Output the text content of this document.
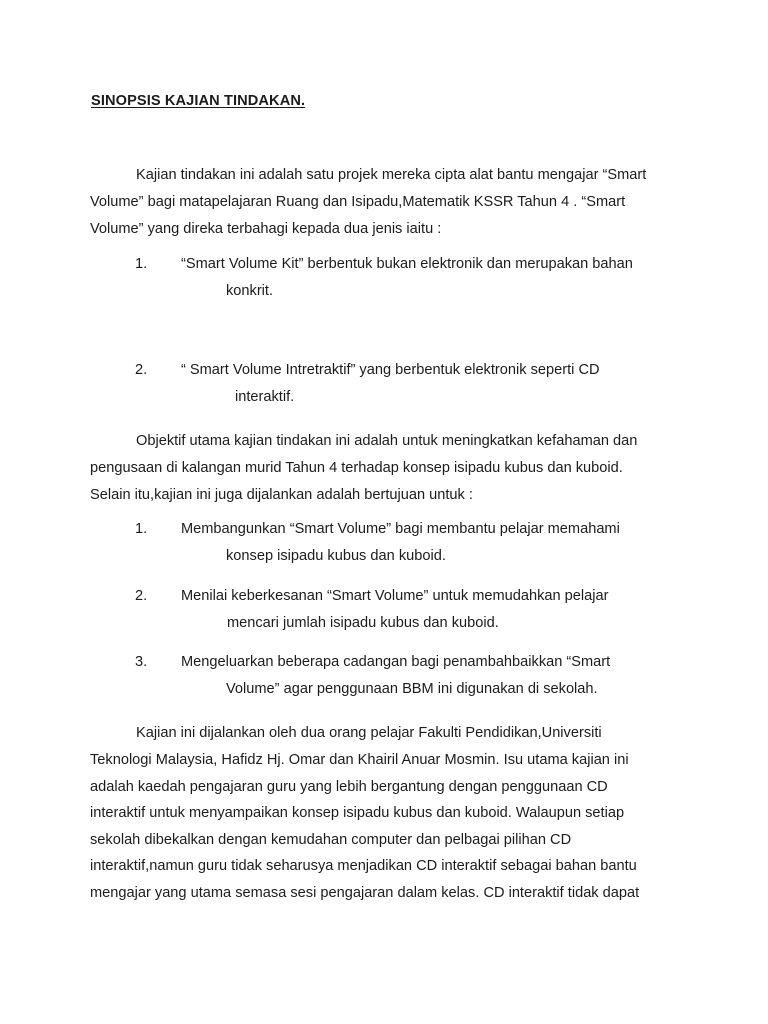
SINOPSIS KAJIAN TINDAKAN.
Kajian tindakan ini adalah satu projek mereka cipta alat bantu mengajar “Smart
Volume” bagi matapelajaran Ruang dan Isipadu,Matematik KSSR Tahun 4 . “Smart
Volume” yang direka terbahagi kepada dua jenis iaitu :
1. “Smart Volume Kit” berbentuk bukan elektronik dan merupakan bahan
konkrit.
2. “ Smart Volume Intretraktif” yang berbentuk elektronik seperti CD
interaktif.
Objektif utama kajian tindakan ini adalah untuk meningkatkan kefahaman dan
pengusaan di kalangan murid Tahun 4 terhadap konsep isipadu kubus dan kuboid.
Selain itu,kajian ini juga dijalankan adalah bertujuan untuk :
1. Membangunkan “Smart Volume” bagi membantu pelajar memahami
konsep isipadu kubus dan kuboid.
2. Menilai keberkesanan “Smart Volume” untuk memudahkan pelajar
mencari jumlah isipadu kubus dan kuboid.
3. Mengeluarkan beberapa cadangan bagi penambahbaikkan “Smart
Volume” agar penggunaan BBM ini digunakan di sekolah.
Kajian ini dijalankan oleh dua orang pelajar Fakulti Pendidikan,Universiti
Teknologi Malaysia, Hafidz Hj. Omar dan Khairil Anuar Mosmin. Isu utama kajian ini
adalah kaedah pengajaran guru yang lebih bergantung dengan penggunaan CD
interaktif untuk menyampaikan konsep isipadu kubus dan kuboid. Walaupun setiap
sekolah dibekalkan dengan kemudahan computer dan pelbagai pilihan CD
interaktif,namun guru tidak seharusya menjadikan CD interaktif sebagai bahan bantu
mengajar yang utama semasa sesi pengajaran dalam kelas. CD interaktif tidak dapat
